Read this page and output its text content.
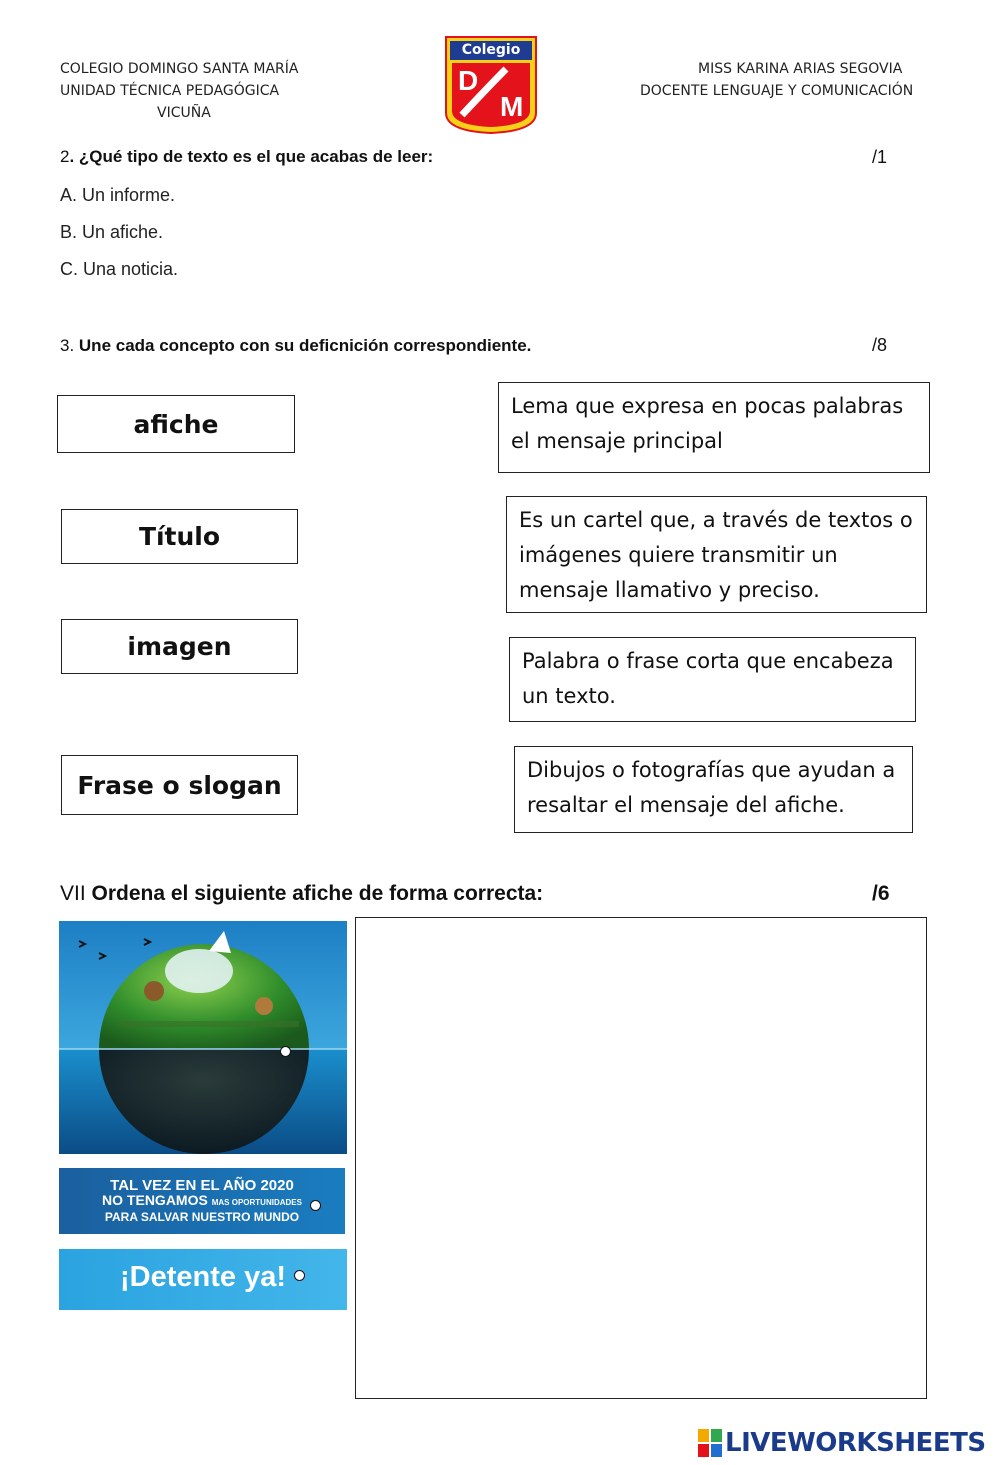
COLEGIO DOMINGO SANTA MARÍA
UNIDAD TÉCNICA PEDAGÓGICA
VICUÑA
Colegio
D
M
MISS KARINA ARIAS SEGOVIA
DOCENTE LENGUAJE Y COMUNICACIÓN
2. ¿Qué tipo de texto es el que acabas de leer:	/1
A. Un informe.
B. Un afiche.
C. Una noticia.
3. Une cada concepto con su deficnición correspondiente.	/8
afiche
Título
imagen
Frase o slogan
Lema que expresa en pocas palabras el mensaje principal
Es un cartel que, a través de textos o imágenes quiere transmitir un mensaje llamativo y preciso.
Palabra o frase corta que encabeza un texto.
Dibujos o fotografías que ayudan a resaltar el mensaje del afiche.
VII Ordena el siguiente afiche de forma correcta:	/6
TAL VEZ EN EL AÑO 2020
NO TENGAMOS MAS OPORTUNIDADES
PARA SALVAR NUESTRO MUNDO
¡Detente ya!
LIVEWORKSHEETS
